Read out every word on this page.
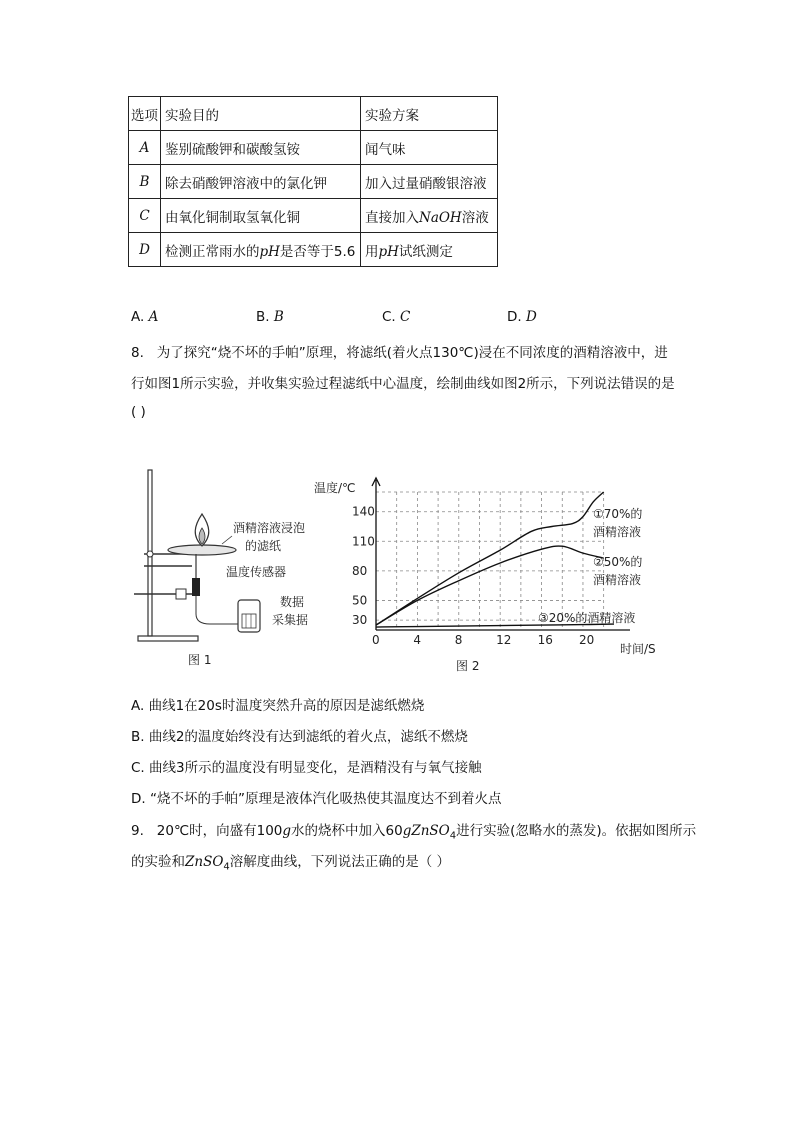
选项	实验目的	实验方案
A	鉴别硫酸钾和碳酸氢铵	闻气味
B	除去硝酸钾溶液中的氯化钾	加入过量硝酸银溶液
C	由氧化铜制取氢氧化铜	直接加入NaOH溶液
D	检测正常雨水的pH是否等于5.6	用pH试纸测定
A. A	B. B	C. C	D. D
8. 为了探究“烧不坏的手帕”原理，将滤纸(着火点130℃)浸在不同浓度的酒精溶液中，进
行如图1所示实验，并收集实验过程滤纸中心温度，绘制曲线如图2所示，下列说法错误的是
( )
酒精溶液浸泡
的滤纸
温度传感器
数据
采集据
图 1
0	4	8	12 16 20
30
50
80
110
140	①70%的
酒精溶液
②50%的
酒精溶液
③20%的酒精溶液
温度/℃
时间/S
图 2
A. 曲线1在20s时温度突然升高的原因是滤纸燃烧
B. 曲线2的温度始终没有达到滤纸的着火点，滤纸不燃烧
C. 曲线3所示的温度没有明显变化，是酒精没有与氧气接触
D. “烧不坏的手帕”原理是液体汽化吸热使其温度达不到着火点
9. 20℃时，向盛有100g水的烧杯中加入60gZnSO$_4$进行实验(忽略水的蒸发)。依据如图所示
的实验和ZnSO$_4$溶解度曲线，下列说法正确的是（ ）
